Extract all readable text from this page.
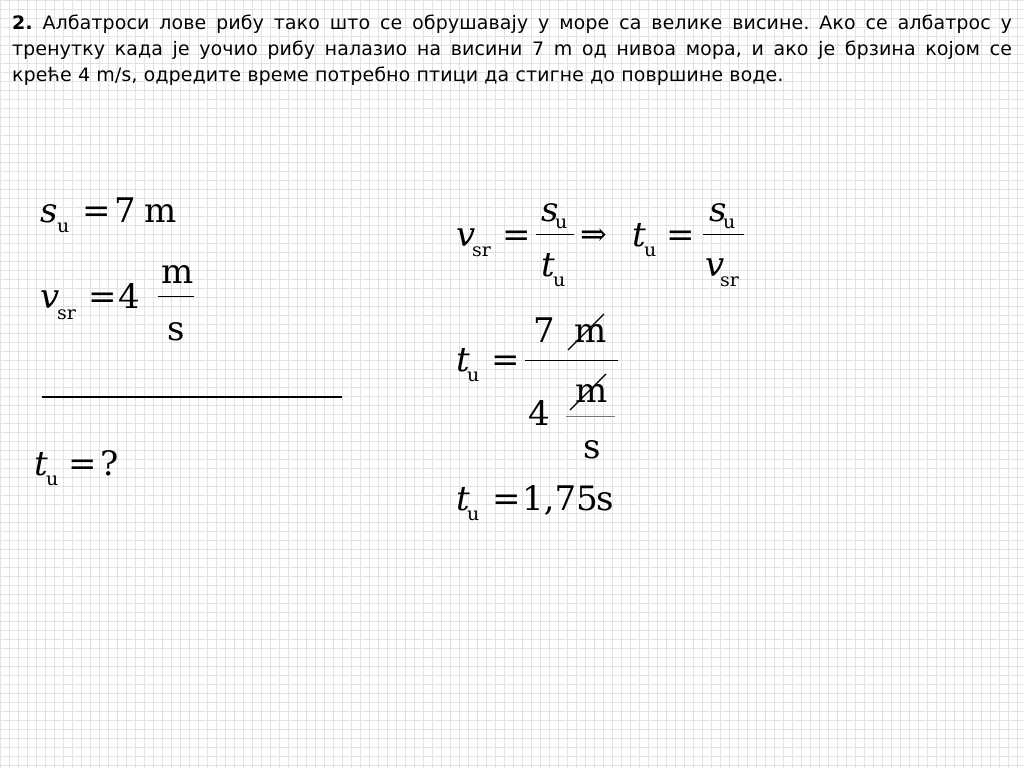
2. Албатроси лове рибу тако што се обрушавају у море са велике висине. Ако се албатрос у тренутку када је уочио рибу налазио на висини 7 m од нивоа мора, и ако је брзина којом се креће 4 m/s, одредите време потребно птици да стигне до површине воде.
s u = 7 m
v
sr = 4
m
s
t
u = ?
v
sr =
s
u
t
u
⇒ t
u =
s
u
v
sr
t
u =
7 m
4
m
s
t
u = 1,75
s
